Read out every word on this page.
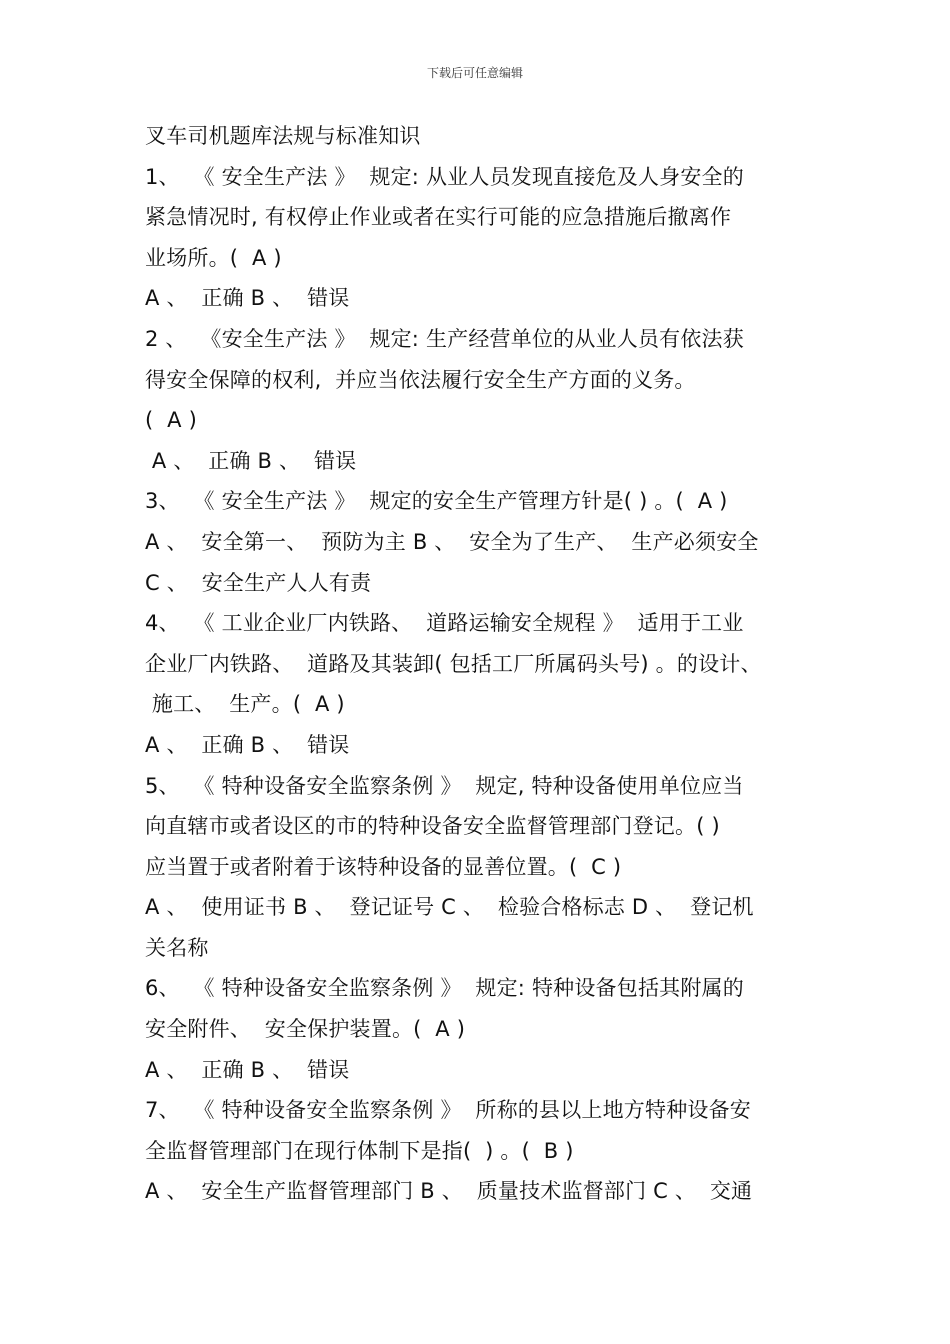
下载后可任意编辑
叉车司机题库法规与标准知识
1、  《 安全生产法 》  规定: 从业人员发现直接危及人身安全的
紧急情况时, 有权停止作业或者在实行可能的应急措施后撤离作
业场所。(  A )
A 、  正确 B 、  错误
2 、  《安全生产法 》  规定: 生产经营单位的从业人员有依法获
得安全保障的权利,  并应当依法履行安全生产方面的义务。
(  A )
A 、  正确 B 、  错误
3、  《 安全生产法 》  规定的安全生产管理方针是( ) 。(  A )
A 、  安全第一、  预防为主 B 、  安全为了生产、  生产必须安全
C 、  安全生产人人有责
4、  《 工业企业厂内铁路、  道路运输安全规程 》  适用于工业
企业厂内铁路、  道路及其装卸( 包括工厂所属码头号) 。的设计、
施工、  生产。(  A )
A 、  正确 B 、  错误
5、  《 特种设备安全监察条例 》  规定, 特种设备使用单位应当
向直辖市或者设区的市的特种设备安全监督管理部门登记。( )
应当置于或者附着于该特种设备的显善位置。(  C )
A 、  使用证书 B 、  登记证号 C 、  检验合格标志 D 、  登记机
关名称
6、  《 特种设备安全监察条例 》  规定: 特种设备包括其附属的
安全附件、  安全保护装置。(  A )
A 、  正确 B 、  错误
7、  《 特种设备安全监察条例 》  所称的县以上地方特种设备安
全监督管理部门在现行体制下是指(  ) 。(  B )
A 、  安全生产监督管理部门 B 、  质量技术监督部门 C 、  交通
